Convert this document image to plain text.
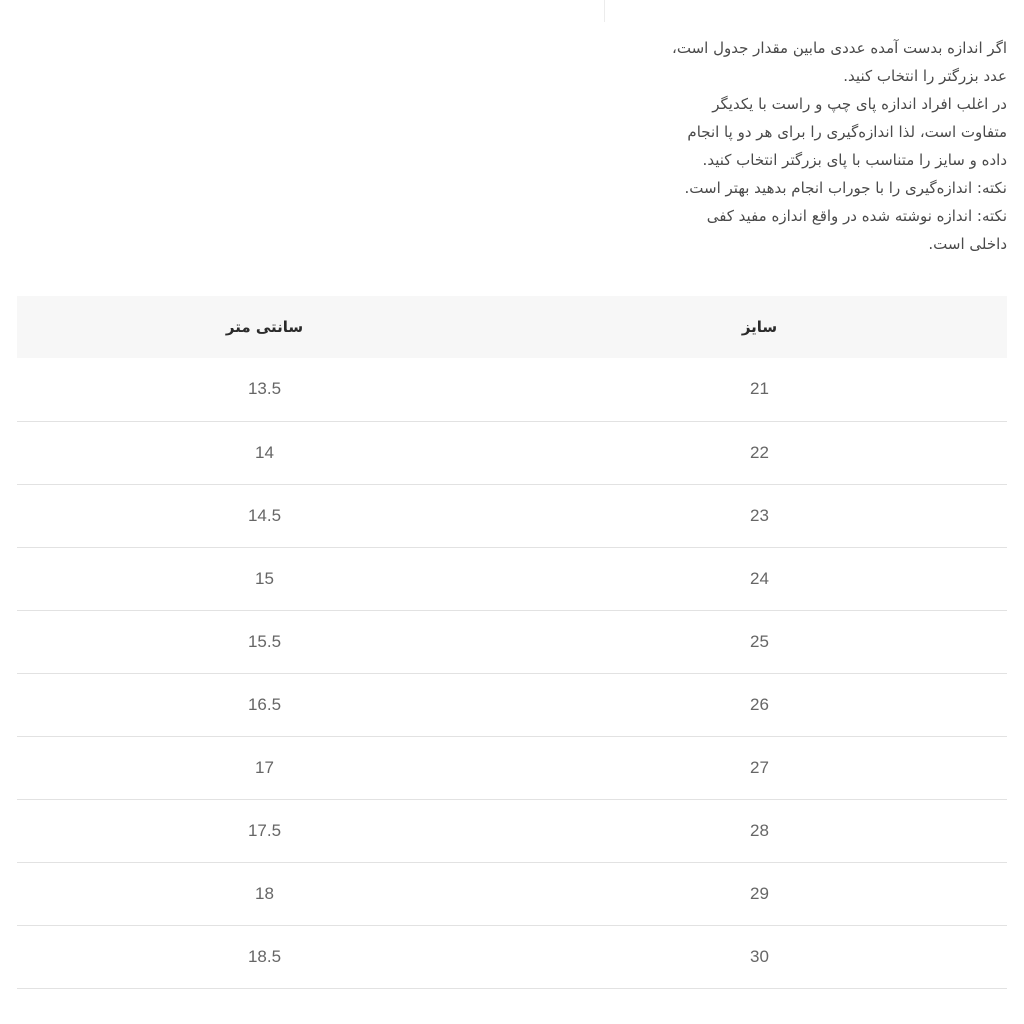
اگر اندازه بدست آمده عددی مابین مقدار جدول است،
عدد بزرگتر را انتخاب کنید.
در اغلب افراد اندازه پای چپ و راست با یکدیگر
متفاوت است، لذا اندازه‌گیری را برای هر دو پا انجام
داده و سایز را متناسب با پای بزرگتر انتخاب کنید.
نکته: اندازه‌گیری را با جوراب انجام بدهید بهتر است.
نکته: اندازه نوشته شده در واقع اندازه مفید کفی
داخلی است.
سایز	سانتی متر
21	13.5
22	14
23	14.5
24	15
25	15.5
26	16.5
27	17
28	17.5
29	18
30	18.5
